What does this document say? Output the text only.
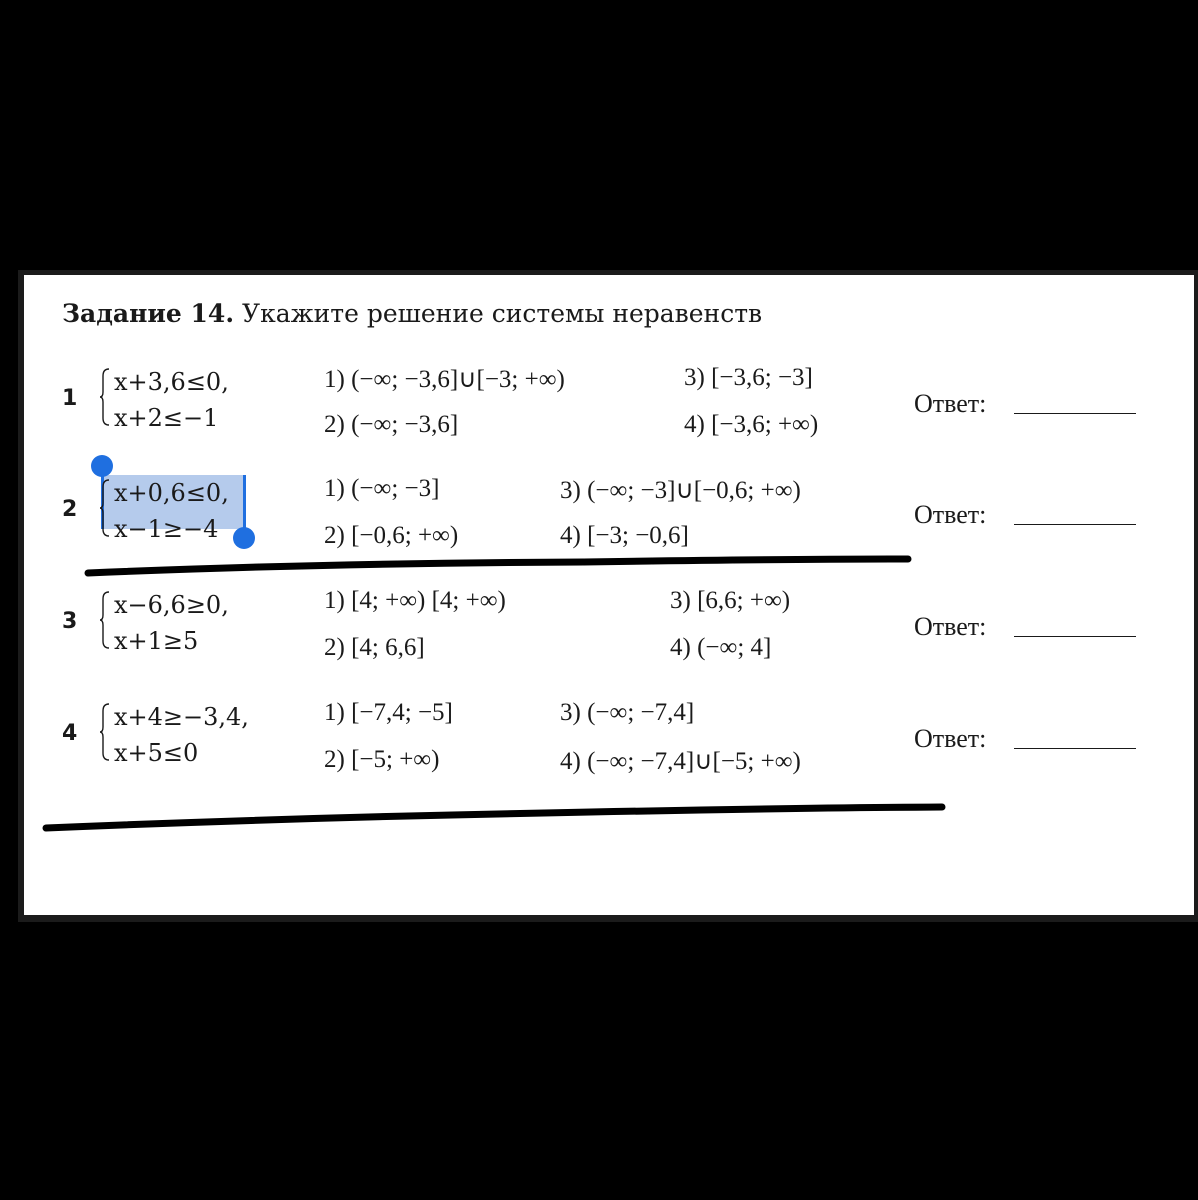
Задание 14. Укажите решение системы неравенств
1
x+3,6≤0,
x+2≤−1
1) (−∞; −3,6]∪[−3; +∞)
2) (−∞; −3,6]
3) [−3,6; −3]
4) [−3,6; +∞)
Ответ:
2
x+0,6≤0,
x−1≥−4
1) (−∞; −3]
2) [−0,6; +∞)
3) (−∞; −3]∪[−0,6; +∞)
4) [−3; −0,6]
Ответ:
3
x−6,6≥0,
x+1≥5
1) [4; +∞) [4; +∞)
2) [4; 6,6]
3) [6,6; +∞)
4) (−∞; 4]
Ответ:
4
x+4≥−3,4,
x+5≤0
1) [−7,4; −5]
2) [−5; +∞)
3) (−∞; −7,4]
4) (−∞; −7,4]∪[−5; +∞)
Ответ:
